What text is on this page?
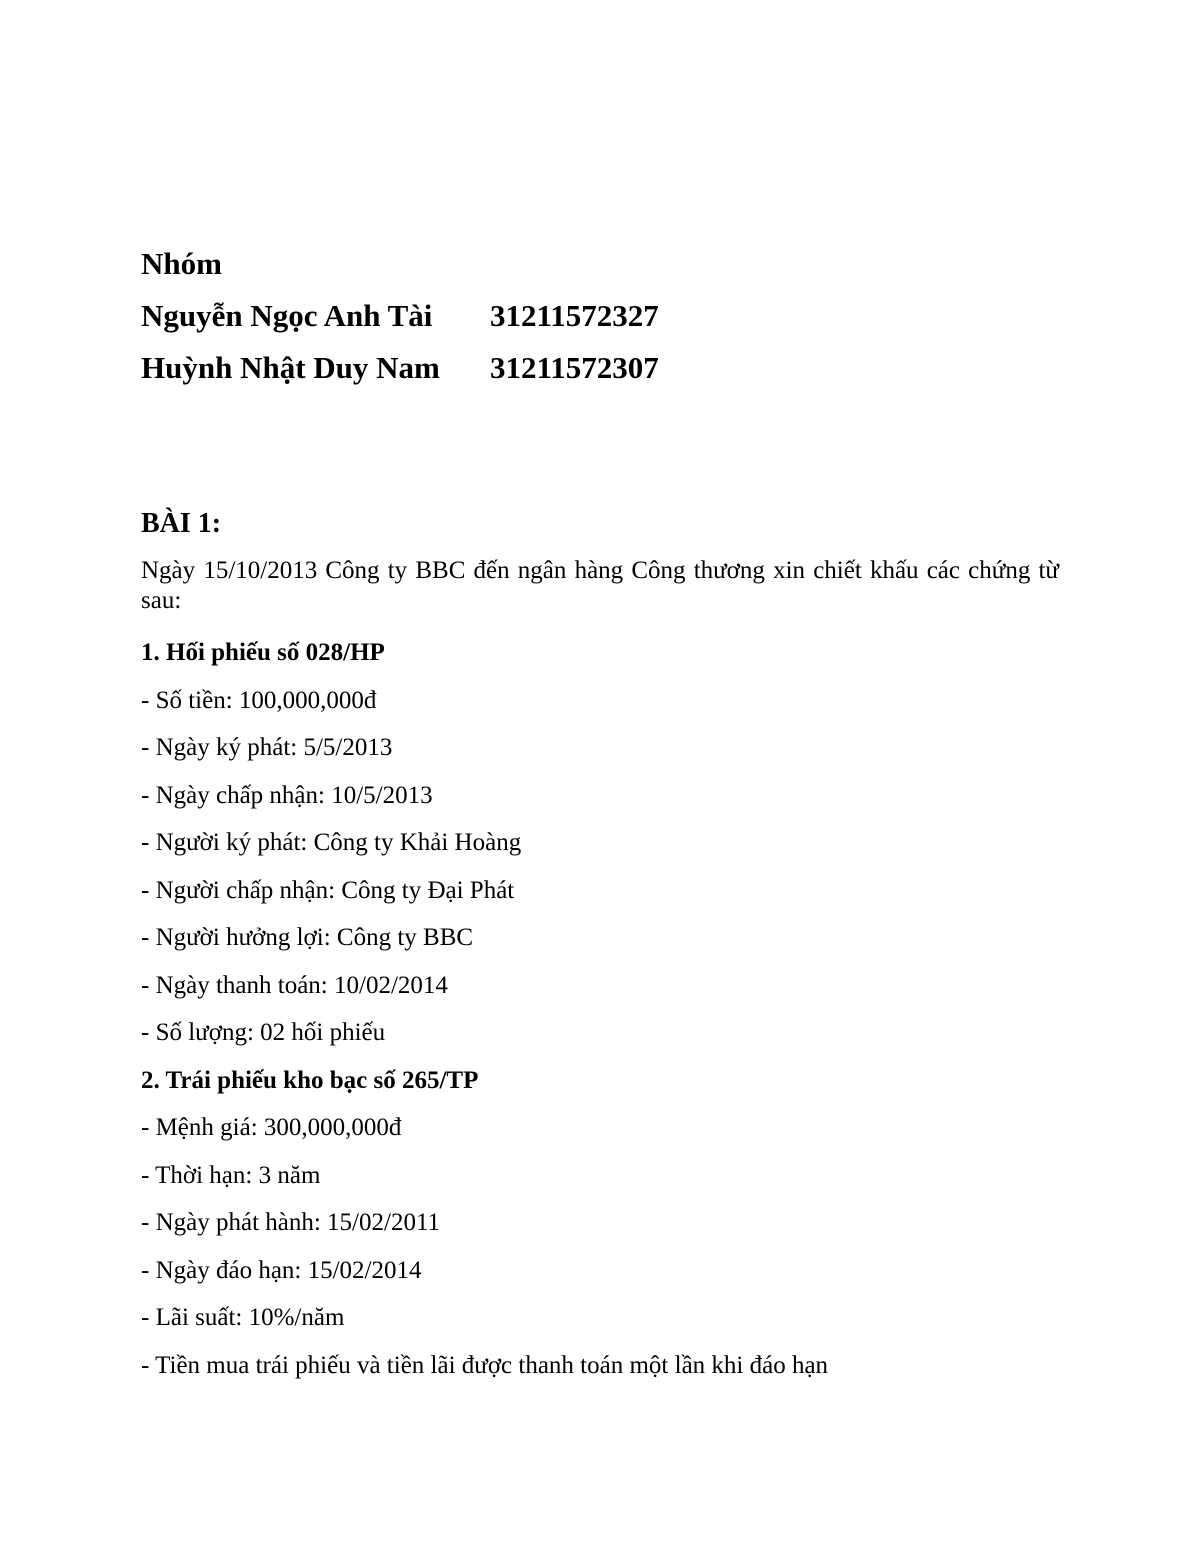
Nhóm
Nguyễn Ngọc Anh Tài	31211572327
Huỳnh Nhật Duy Nam	31211572307
BÀI 1:

Ngày 15/10/2013 Công ty BBC đến ngân hàng Công thương xin chiết khấu các chứng từ sau:

1. Hối phiếu số 028/HP
- Số tiền: 100,000,000đ
- Ngày ký phát: 5/5/2013
- Ngày chấp nhận: 10/5/2013
- Người ký phát: Công ty Khải Hoàng
- Người chấp nhận: Công ty Đại Phát
- Người hưởng lợi: Công ty BBC
- Ngày thanh toán: 10/02/2014
- Số lượng: 02 hối phiếu
2. Trái phiếu kho bạc số 265/TP
- Mệnh giá: 300,000,000đ
- Thời hạn: 3 năm
- Ngày phát hành: 15/02/2011
- Ngày đáo hạn: 15/02/2014
- Lãi suất: 10%/năm
- Tiền mua trái phiếu và tiền lãi được thanh toán một lần khi đáo hạn
